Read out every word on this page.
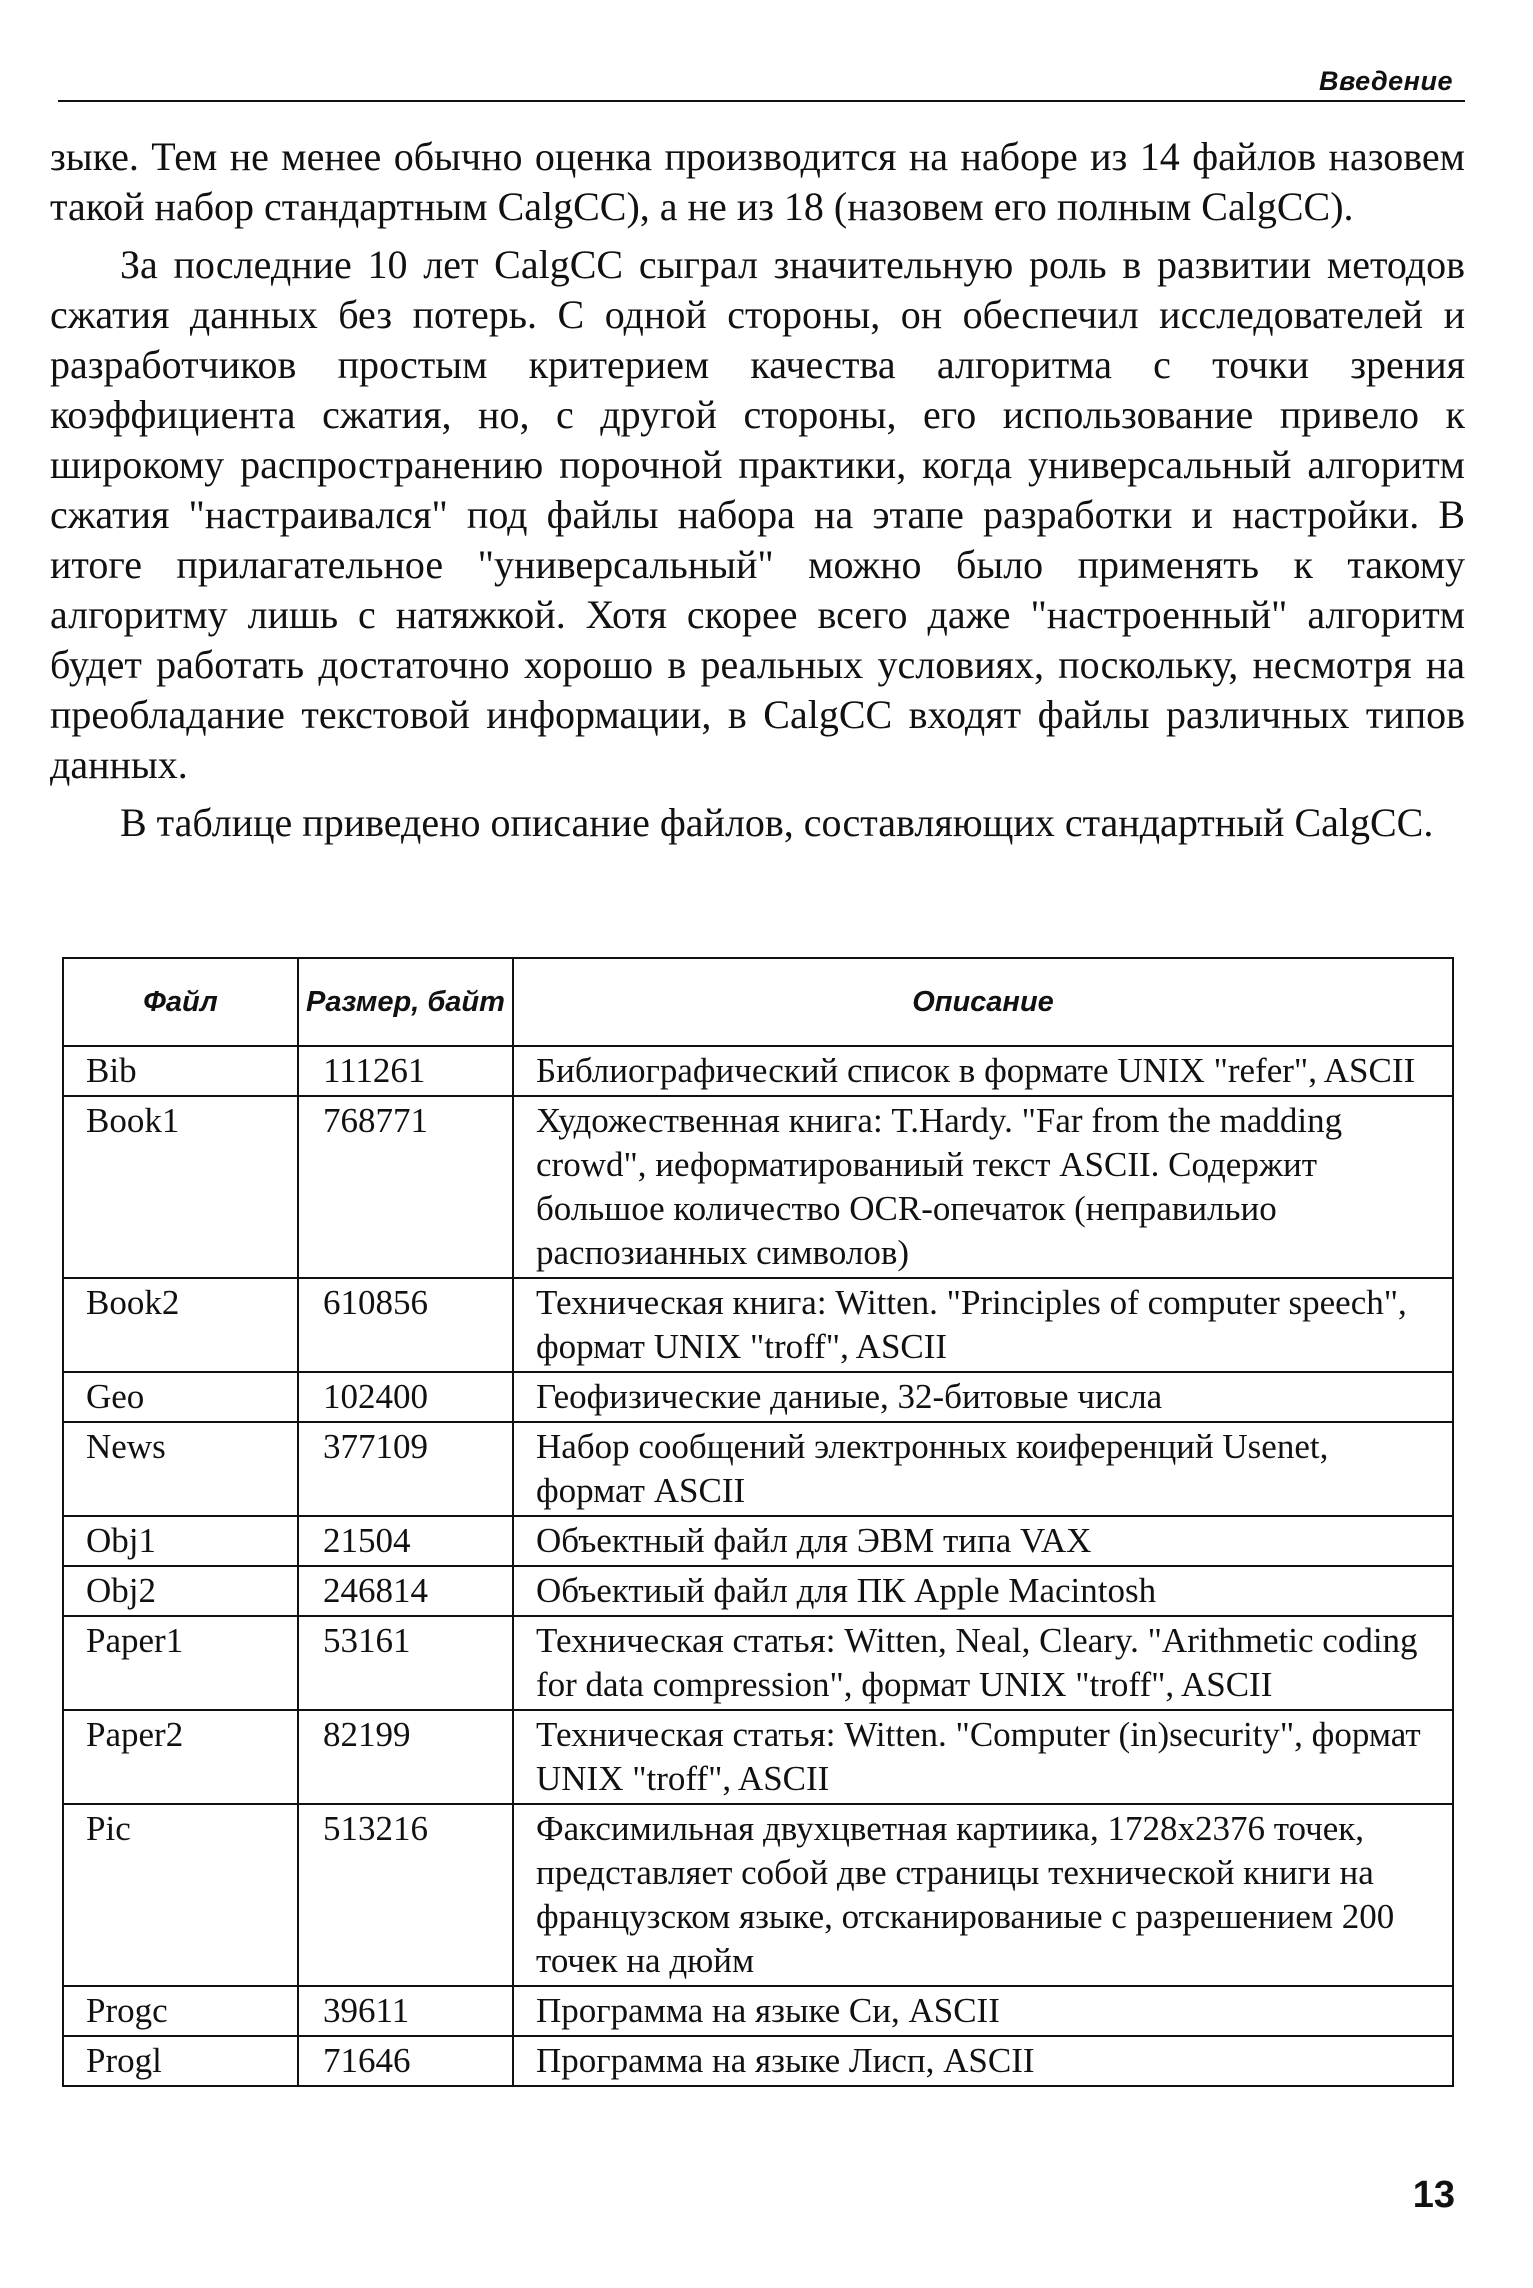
Введение

зыке. Тем не менее обычно оценка производится на наборе из 14 файлов назовем такой набор стандартным CalgCC), а не из 18 (назовем его полным CalgCC).

За последние 10 лет CalgCC сыграл значительную роль в развитии методов сжатия данных без потерь. С одной стороны, он обеспечил исследователей и разработчиков простым критерием качества алгоритма с точки зрения коэффициента сжатия, но, с другой стороны, его использование привело к широкому распространению порочной практики, когда универсальный алгоритм сжатия "настраивался" под файлы набора на этапе разработки и настройки. В итоге прилагательное "универсальный" можно было применять к такому алгоритму лишь с натяжкой. Хотя скорее всего даже "настроенный" алгоритм будет работать достаточно хорошо в реальных условиях, поскольку, несмотря на преобладание текстовой информации, в CalgCC входят файлы различных типов данных.

В таблице приведено описание файлов, составляющих стандартный CalgCC.

Файл	Размер, байт	Описание
Bib	111261	Библиографический список в формате UNIX "refer", ASCII
Book1	768771	Художественная книга: T.Hardy. "Far from the madding crowd", иеформатированиый текст ASCII. Содержит большое количество OCR-опечаток (неправильио распозианных символов)
Book2	610856	Техническая книга: Witten. "Principles of computer speech", формат UNIX "troff", ASCII
Geo	102400	Геофизические даниые, 32-битовые числа
News	377109	Набор сообщений электронных коиференций Usenet, формат ASCII
Obj1	21504	Объектный файл для ЭВМ типа VAX
Obj2	246814	Объектиый файл для ПК Apple Macintosh
Paper1	53161	Техническая статья: Witten, Neal, Cleary. "Arithmetic coding for data compression", формат UNIX "troff", ASCII
Paper2	82199	Техническая статья: Witten. "Computer (in)security", формат UNIX "troff", ASCII
Pic	513216	Факсимильная двухцветная картиика, 1728x2376 точек, представляет собой две страницы технической книги на французском языке, отсканированиые с разрешением 200 точек на дюйм
Progc	39611	Программа на языке Си, ASCII
Progl	71646	Программа на языке Лисп, ASCII
13
